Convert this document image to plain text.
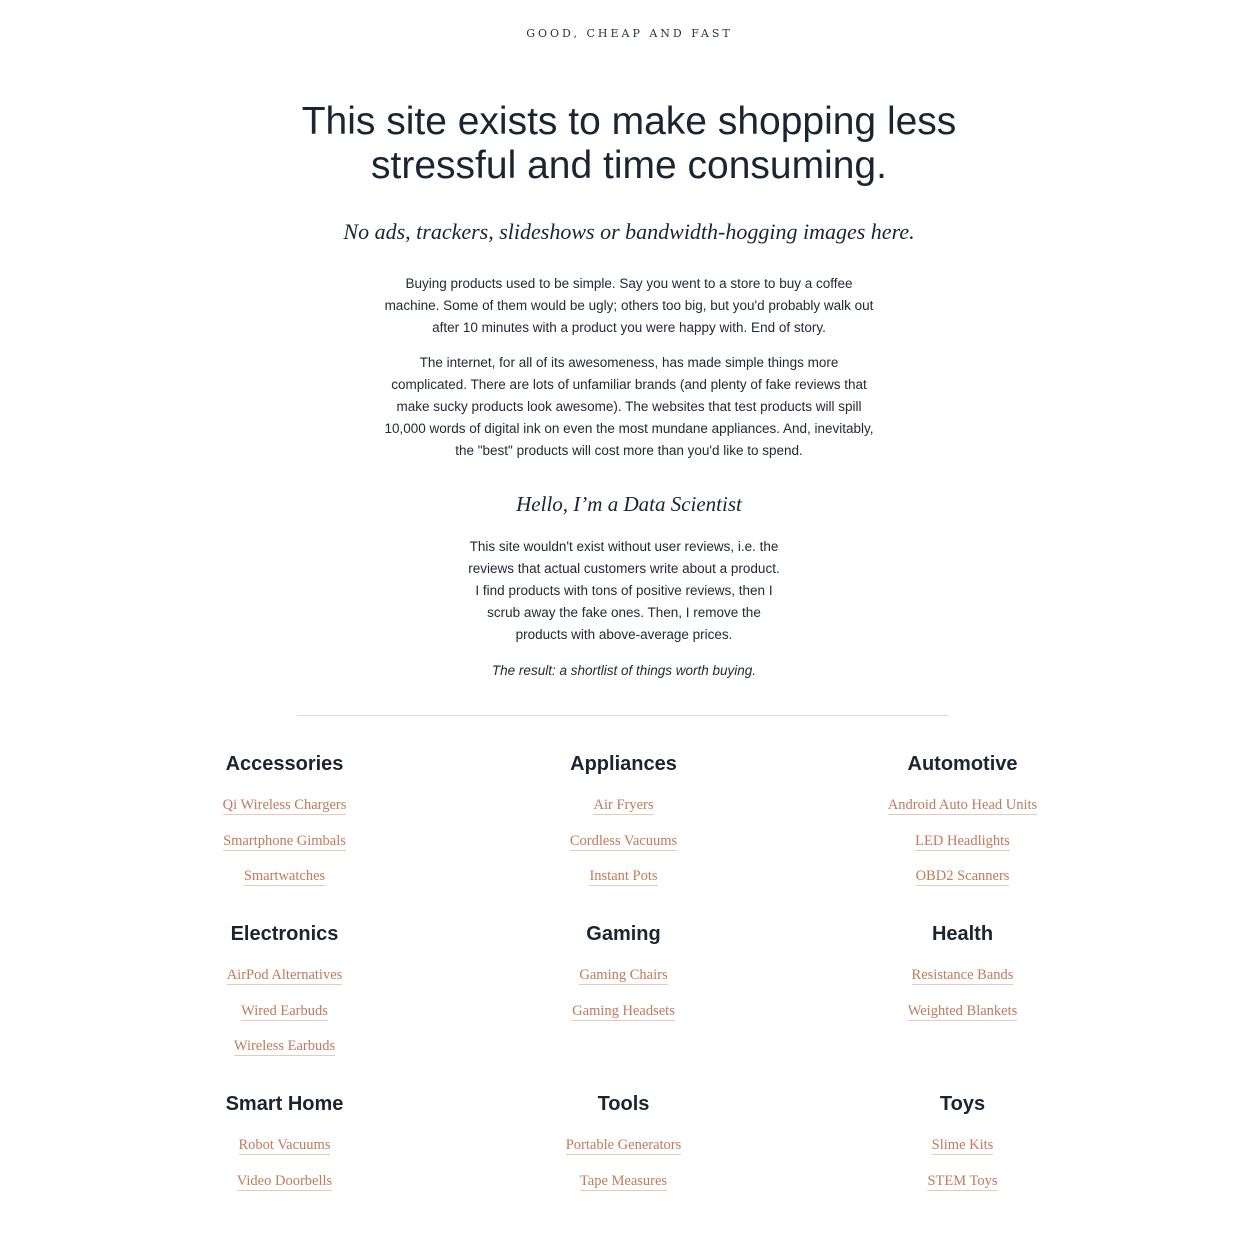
GOOD, CHEAP AND FAST
This site exists to make shopping less stressful and time consuming.

No ads, trackers, slideshows or bandwidth-hogging images here.

Buying products used to be simple. Say you went to a store to buy a coffee machine. Some of them would be ugly; others too big, but you'd probably walk out after 10 minutes with a product you were happy with. End of story.

The internet, for all of its awesomeness, has made simple things more complicated. There are lots of unfamiliar brands (and plenty of fake reviews that make sucky products look awesome). The websites that test products will spill 10,000 words of digital ink on even the most mundane appliances. And, inevitably, the "best" products will cost more than you'd like to spend.

Hello, I’m a Data Scientist

This site wouldn't exist without user reviews, i.e. the reviews that actual customers write about a product. I find products with tons of positive reviews, then I scrub away the fake ones. Then, I remove the products with above-average prices.

The result: a shortlist of things worth buying.

Accessories
Qi Wireless Chargers
Smartphone Gimbals
Smartwatches
Appliances
Air Fryers
Cordless Vacuums
Instant Pots
Automotive
Android Auto Head Units
LED Headlights
OBD2 Scanners
Electronics
AirPod Alternatives
Wired Earbuds
Wireless Earbuds
Gaming
Gaming Chairs
Gaming Headsets
Health
Resistance Bands
Weighted Blankets
Smart Home
Robot Vacuums
Video Doorbells
Tools
Portable Generators
Tape Measures
Toys
Slime Kits
STEM Toys
